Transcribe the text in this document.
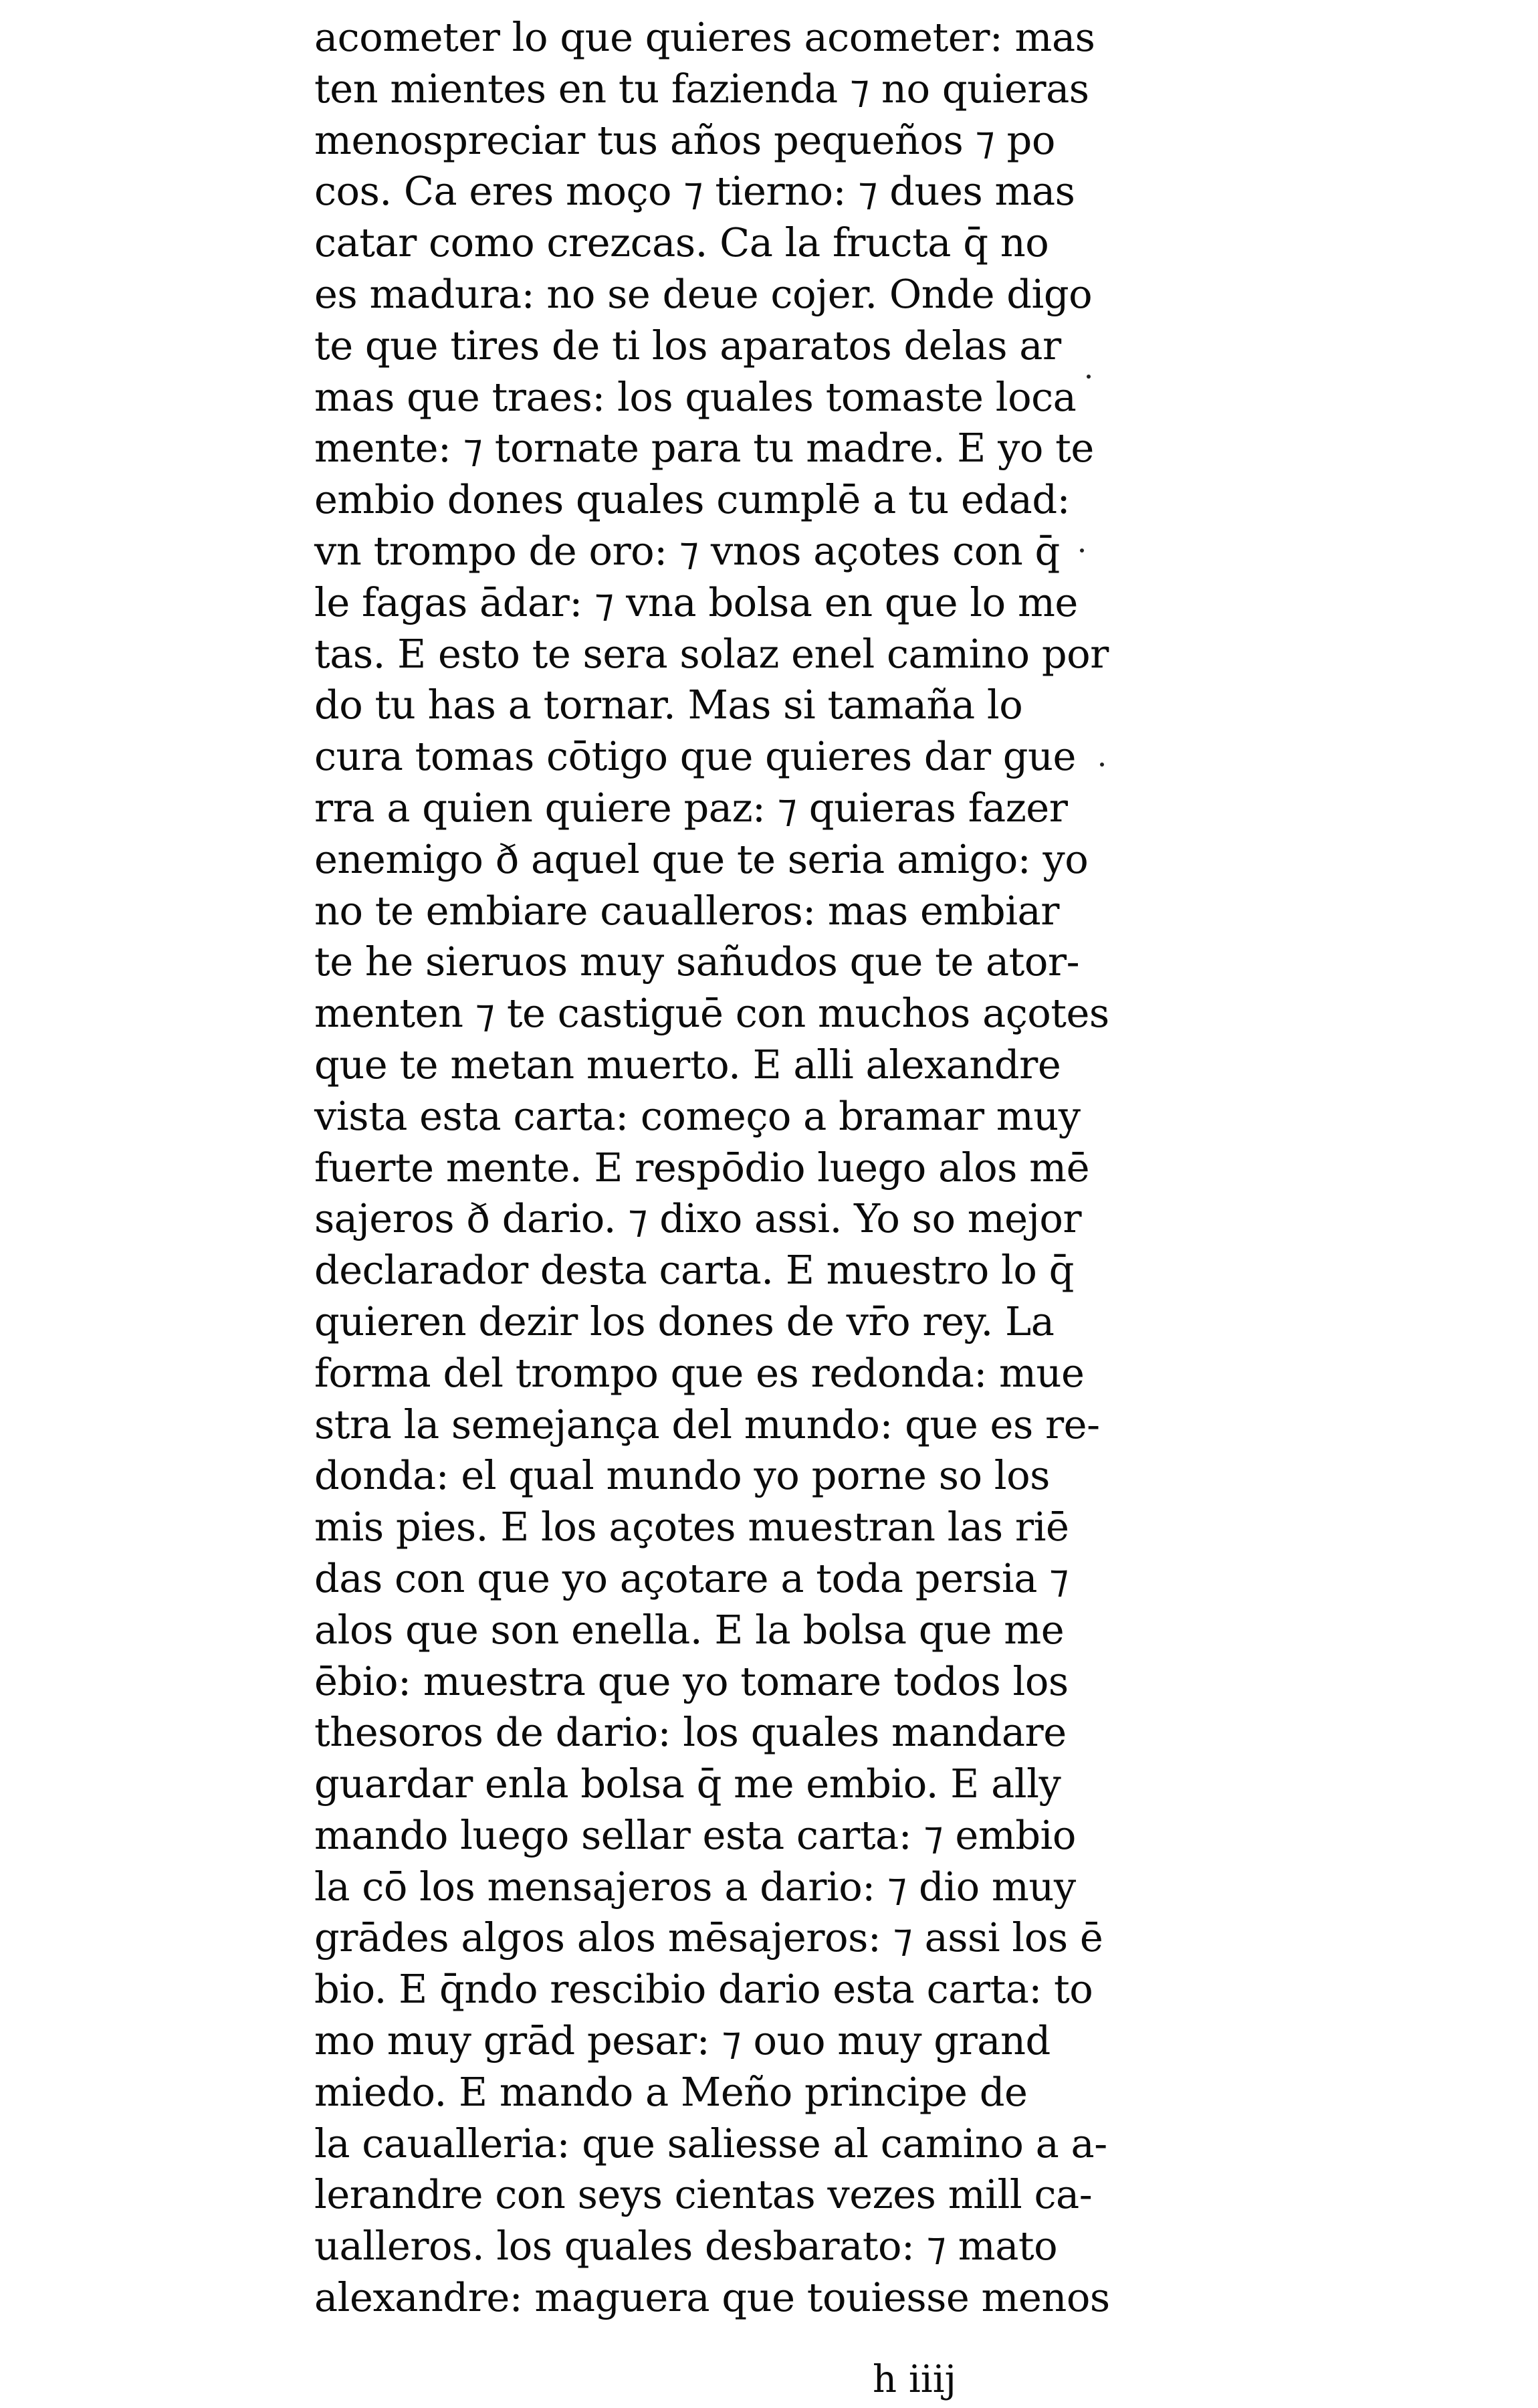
acometer lo que quieres acometer: mas
ten mientes en tu fazienda ⁊ no quieras
menospreciar tus años pequeños ⁊ po
cos. Ca eres moço ⁊ tierno: ⁊ dues mas
catar como crezcas. Ca la fructa q̄ no
es madura: no se deue cojer. Onde digo
te que tires de ti los aparatos delas ar
mas que traes: los quales tomaste loca
mente: ⁊ tornate para tu madre. E yo te
embio dones quales cumplē a tu edad:
vn trompo de oro: ⁊ vnos açotes con q̄
le fagas ādar: ⁊ vna bolsa en que lo me
tas. E esto te sera solaz enel camino por
do tu has a tornar. Mas si tamaña lo
cura tomas cōtigo que quieres dar gue
rra a quien quiere paz: ⁊ quieras fazer
enemigo ð aquel que te seria amigo: yo
no te embiare caualleros: mas embiar
te he sieruos muy sañudos que te ator-
menten ⁊ te castiguē con muchos açotes
que te metan muerto. E alli alexandre
vista esta carta: começo a bramar muy
fuerte mente. E respōdio luego alos mē
sajeros ð dario. ⁊ dixo assi. Yo so mejor
declarador desta carta. E muestro lo q̄
quieren dezir los dones de vr̄o rey. La
forma del trompo que es redonda: mue
stra la semejança del mundo: que es re-
donda: el qual mundo yo porne so los
mis pies. E los açotes muestran las riē
das con que yo açotare a toda persia ⁊
alos que son enella. E la bolsa que me
ēbio: muestra que yo tomare todos los
thesoros de dario: los quales mandare
guardar enla bolsa q̄ me embio. E ally
mando luego sellar esta carta: ⁊ embio
la cō los mensajeros a dario: ⁊ dio muy
grādes algos alos mēsajeros: ⁊ assi los ē
bio. E q̄ndo rescibio dario esta carta: to
mo muy grād pesar: ⁊ ouo muy grand
miedo. E mando a Meño principe de
la caualleria: que saliesse al camino a a-
lerandre con seys cientas vezes mill ca-
ualleros. los quales desbarato: ⁊ mato
alexandre: maguera que touiesse menos
h iiij
